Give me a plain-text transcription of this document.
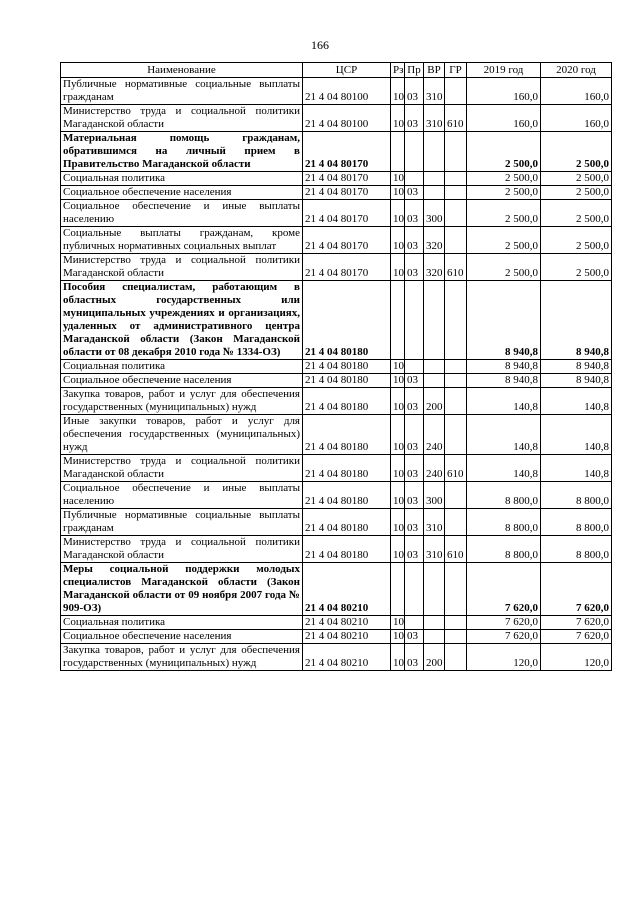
166
Наименование	ЦСР	Рз	Пр	ВР	ГР	2019 год	2020 год
Публичные нормативные социальные выплаты гражданам	21 4 04 80100	10	03	310		160,0	160,0
Министерство труда и социальной политики Магаданской области	21 4 04 80100	10	03	310	610	160,0	160,0
Материальная помощь гражданам, обратившимся на личный прием в Правительство Магаданской области	21 4 04 80170					2 500,0	2 500,0
Социальная политика	21 4 04 80170	10				2 500,0	2 500,0
Социальное обеспечение населения	21 4 04 80170	10	03			2 500,0	2 500,0
Социальное обеспечение и иные выплаты населению	21 4 04 80170	10	03	300		2 500,0	2 500,0
Социальные выплаты гражданам, кроме публичных нормативных социальных выплат	21 4 04 80170	10	03	320		2 500,0	2 500,0
Министерство труда и социальной политики Магаданской области	21 4 04 80170	10	03	320	610	2 500,0	2 500,0
Пособия специалистам, работающим в областных государственных или муниципальных учреждениях и организациях, удаленных от административного центра Магаданской области (Закон Магаданской области от 08 декабря 2010 года № 1334-ОЗ)	21 4 04 80180					8 940,8	8 940,8
Социальная политика	21 4 04 80180	10				8 940,8	8 940,8
Социальное обеспечение населения	21 4 04 80180	10	03			8 940,8	8 940,8
Закупка товаров, работ и услуг для обеспечения государственных (муниципальных) нужд	21 4 04 80180	10	03	200		140,8	140,8
Иные закупки товаров, работ и услуг для обеспечения государственных (муниципальных) нужд	21 4 04 80180	10	03	240		140,8	140,8
Министерство труда и социальной политики Магаданской области	21 4 04 80180	10	03	240	610	140,8	140,8
Социальное обеспечение и иные выплаты населению	21 4 04 80180	10	03	300		8 800,0	8 800,0
Публичные нормативные социальные выплаты гражданам	21 4 04 80180	10	03	310		8 800,0	8 800,0
Министерство труда и социальной политики Магаданской области	21 4 04 80180	10	03	310	610	8 800,0	8 800,0
Меры социальной поддержки молодых специалистов Магаданской области (Закон Магаданской области от 09 ноября 2007 года № 909-ОЗ)	21 4 04 80210					7 620,0	7 620,0
Социальная политика	21 4 04 80210	10				7 620,0	7 620,0
Социальное обеспечение населения	21 4 04 80210	10	03			7 620,0	7 620,0
Закупка товаров, работ и услуг для обеспечения государственных (муниципальных) нужд	21 4 04 80210	10	03	200		120,0	120,0
